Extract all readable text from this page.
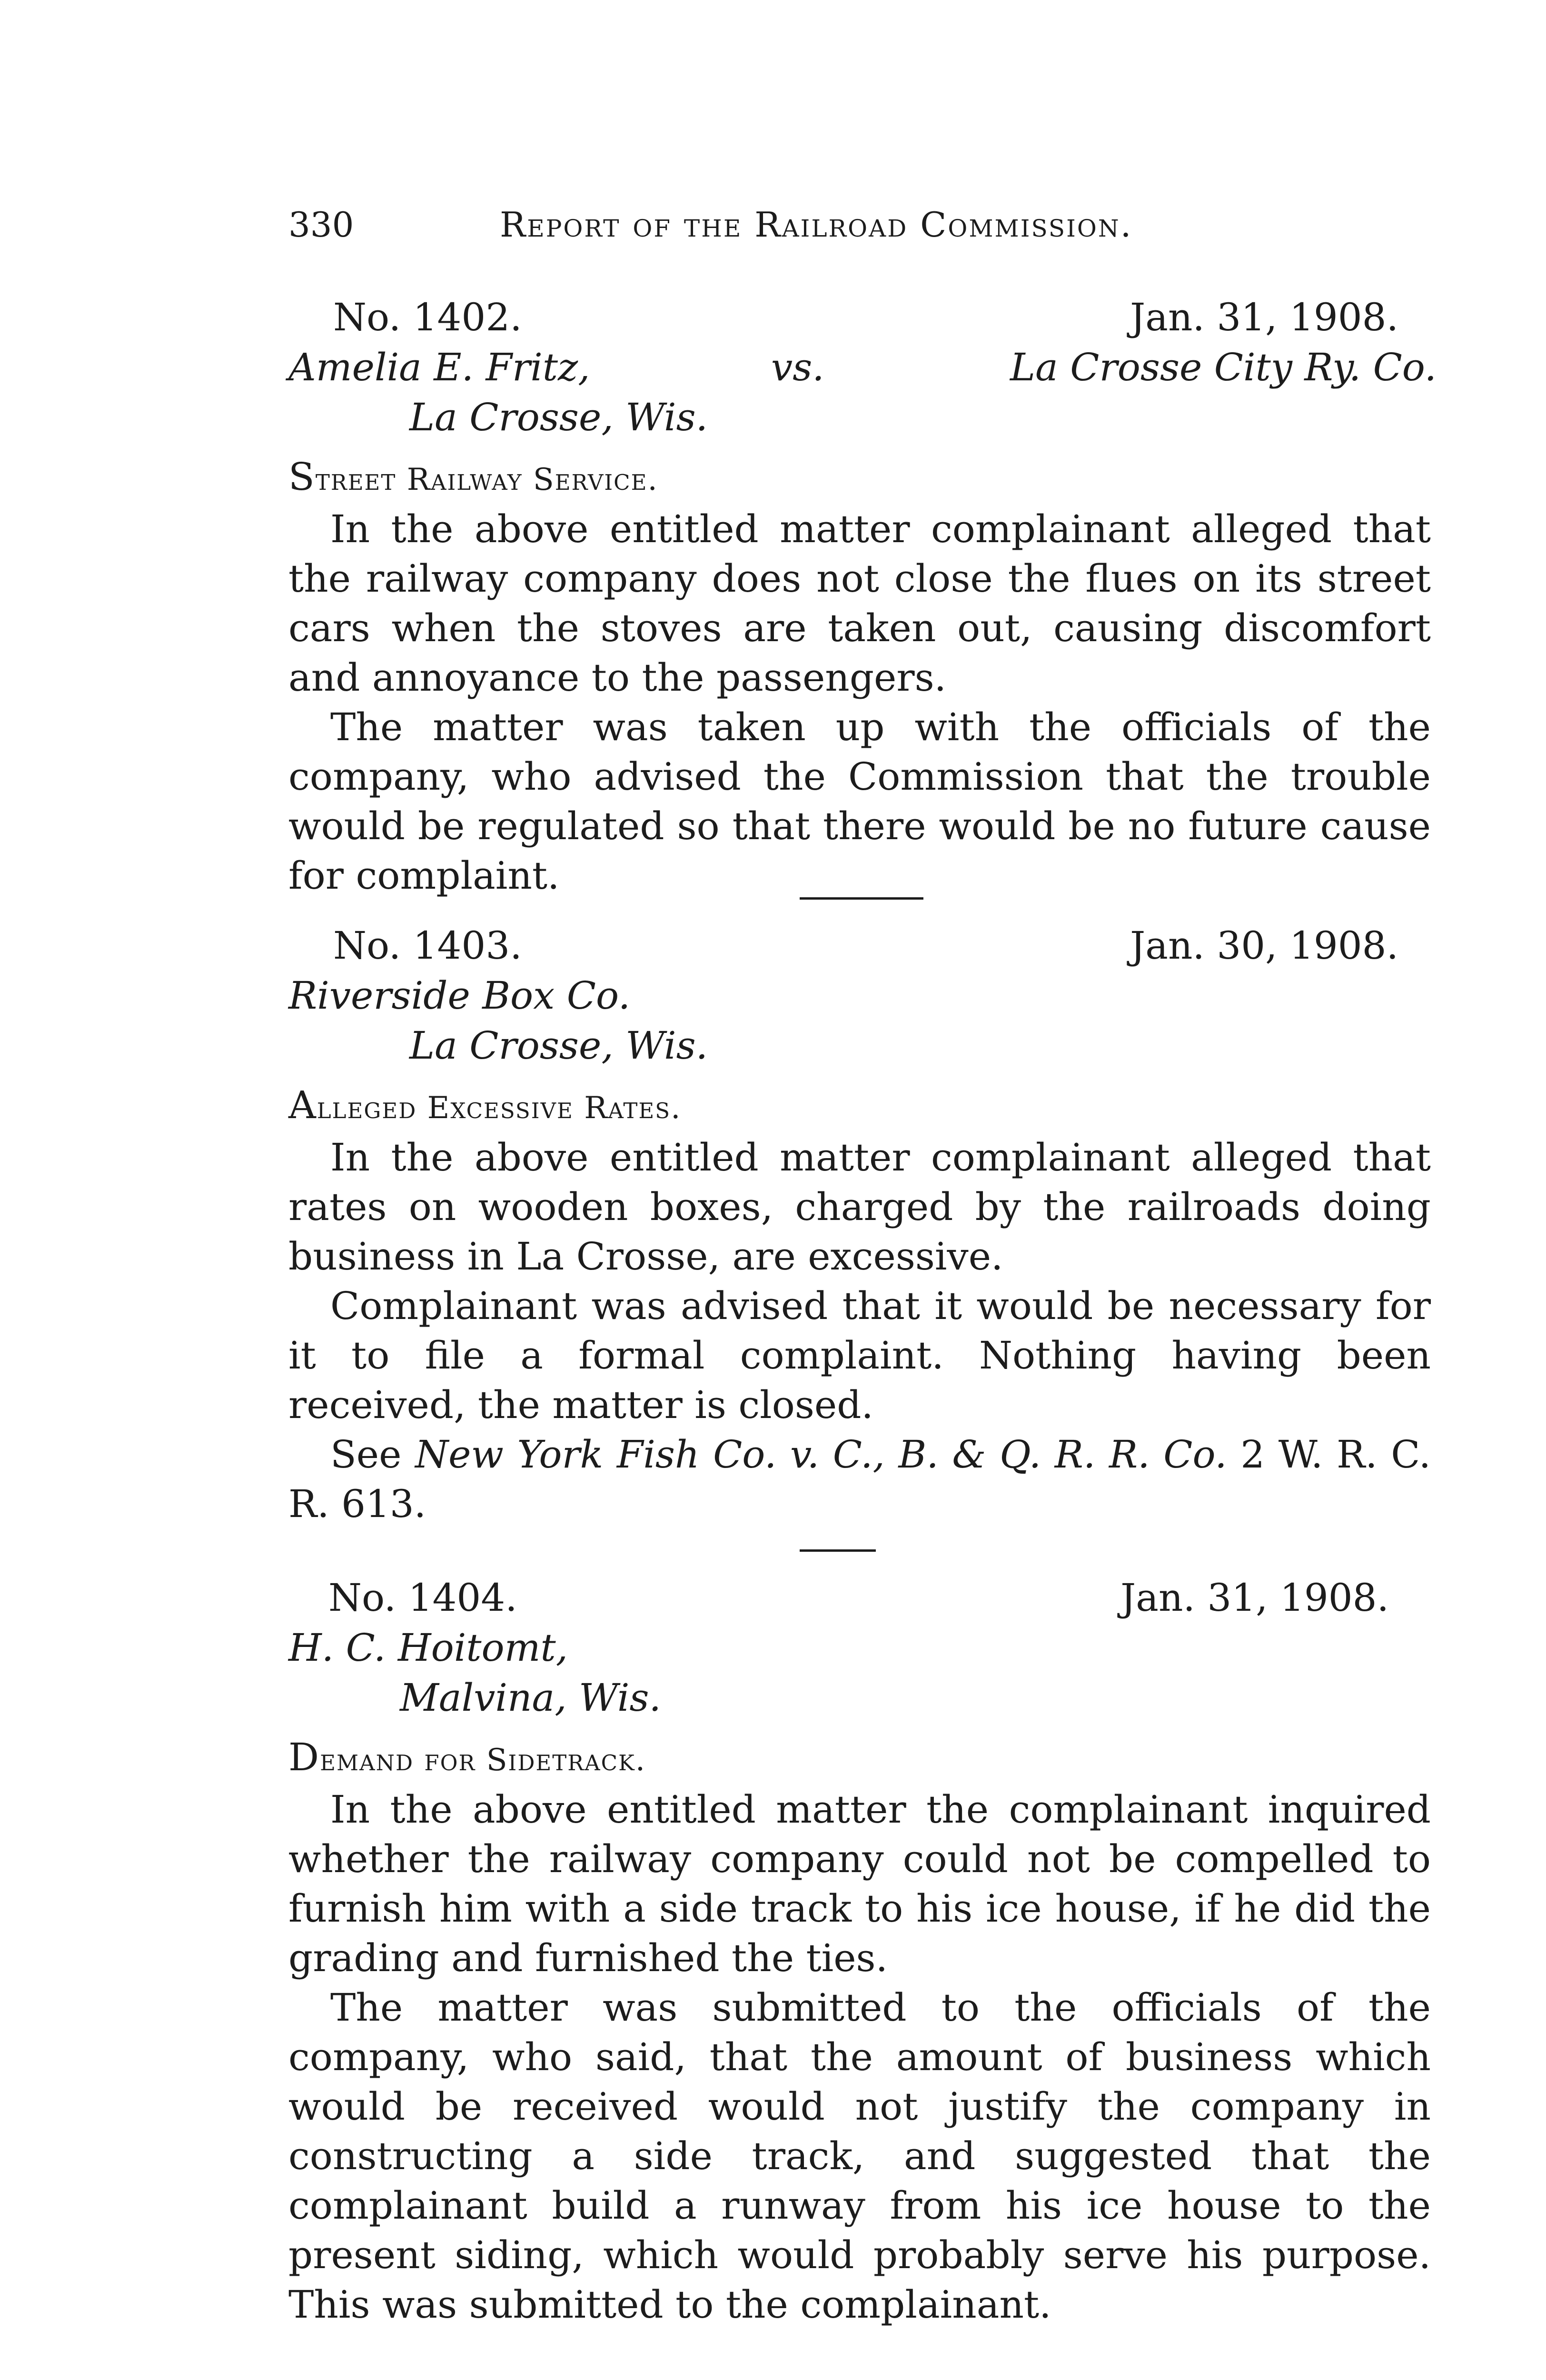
330	Report of the Railroad Commission.
No. 1402.	Jan. 31, 1908.
Amelia E. Fritz,	vs.	La Crosse City Ry. Co.
La Crosse, Wis.
Street Railway Service.
In the above entitled matter complainant alleged that the railway company does not close the flues on its street cars when the stoves are taken out, causing discomfort and annoyance to the passengers.
The matter was taken up with the officials of the company, who advised the Commission that the trouble would be regulated so that there would be no future cause for complaint.
No. 1403.	Jan. 30, 1908.
Riverside Box Co.
La Crosse, Wis.
Alleged Excessive Rates.
In the above entitled matter complainant alleged that rates on wooden boxes, charged by the railroads doing business in La Crosse, are excessive.
Complainant was advised that it would be necessary for it to file a formal complaint. Nothing having been received, the matter is closed.
See New York Fish Co. v. C., B. & Q. R. R. Co. 2 W. R. C. R. 613.
No. 1404.	Jan. 31, 1908.
H. C. Hoitomt,
Malvina, Wis.
Demand for Sidetrack.
In the above entitled matter the complainant inquired whether the railway company could not be compelled to furnish him with a side track to his ice house, if he did the grading and furnished the ties.
The matter was submitted to the officials of the company, who said, that the amount of business which would be received would not justify the company in constructing a side track, and suggested that the complainant build a runway from his ice house to the present siding, which would probably serve his purpose. This was submitted to the complainant.
